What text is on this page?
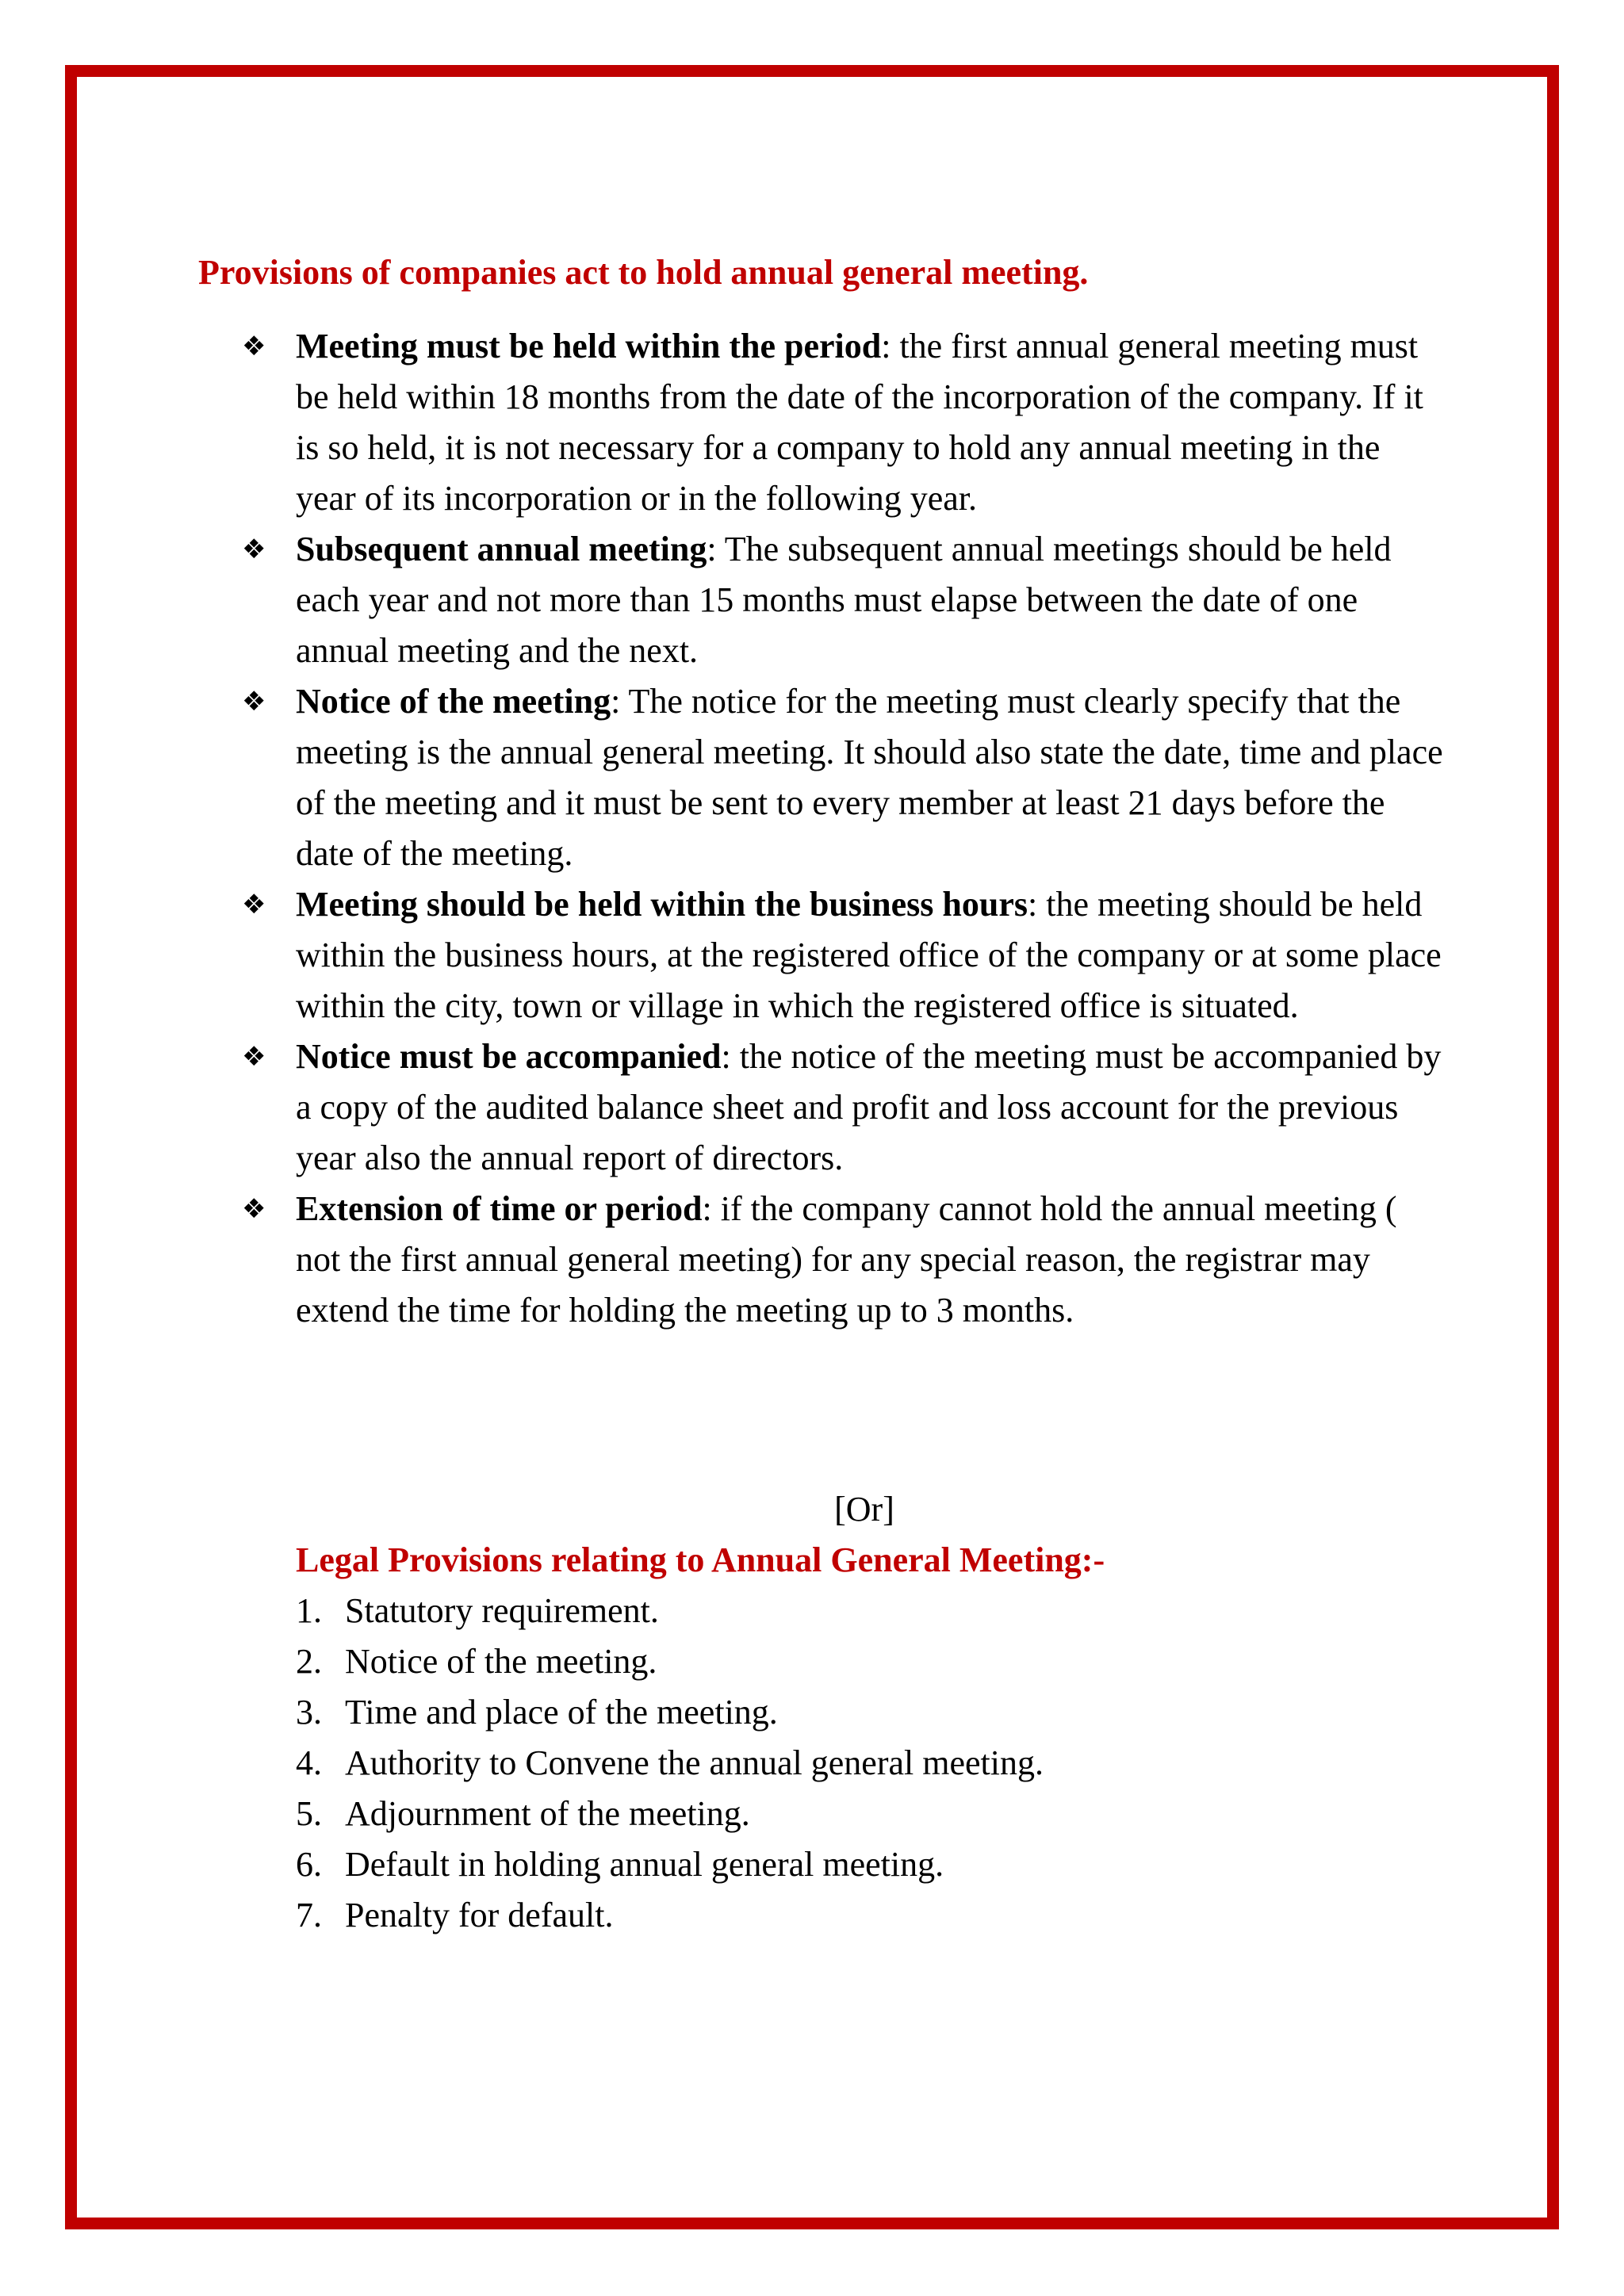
Provisions of companies act to hold annual general meeting.
❖ Meeting must be held within the period: the first annual general meeting must be held within 18 months from the date of the incorporation of the company. If it is so held, it is not necessary for a company to hold any annual meeting in the year of its incorporation or in the following year.
❖ Subsequent annual meeting: The subsequent annual meetings should be held each year and not more than 15 months must elapse between the date of one annual meeting and the next.
❖ Notice of the meeting: The notice for the meeting must clearly specify that the meeting is the annual general meeting. It should also state the date, time and place of the meeting and it must be sent to every member at least 21 days before the date of the meeting.
❖ Meeting should be held within the business hours: the meeting should be held within the business hours, at the registered office of the company or at some place within the city, town or village in which the registered office is situated.
❖ Notice must be accompanied: the notice of the meeting must be accompanied by a copy of the audited balance sheet and profit and loss account for the previous year also the annual report of directors.
❖ Extension of time or period: if the company cannot hold the annual meeting ( not the first annual general meeting) for any special reason, the registrar may extend the time for holding the meeting up to 3 months.
[Or]
Legal Provisions relating to Annual General Meeting:-
1. Statutory requirement.
2. Notice of the meeting.
3. Time and place of the meeting.
4. Authority to Convene the annual general meeting.
5. Adjournment of the meeting.
6. Default in holding annual general meeting.
7. Penalty for default.
